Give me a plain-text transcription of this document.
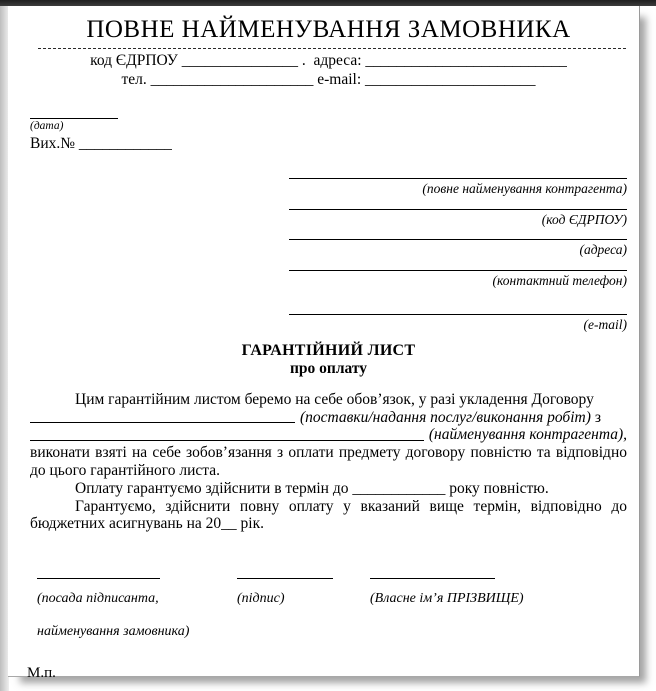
ПОВНЕ НАЙМЕНУВАННЯ ЗАМОВНИКА
код ЄДРПОУ _______________ . адреса: __________________________
тел. _____________________ e-mail: ______________________
(дата)
Вих.№ ____________
(повне найменування контрагента)
(код ЄДРПОУ)
(адреса)
(контактний телефон)
(e-mail)
ГАРАНТІЙНИЙ ЛИСТ
про оплату

Цим гарантійним листом беремо на себе обов’язок, у разі укладення Договору

(поставки/надання послуг/виконання робіт) з
(найменування контрагента),

виконати взяті на себе зобов’язання з оплати предмету договору повністю та відповідно до цього гарантійного листа.

Оплату гарантуємо здійснити в термін до ____________ року повністю.

Гарантуємо, здійснити повну оплату у вказаний вище термін, відповідно до бюджетних асигнувань на 20__ рік.

(посада підписанта,
найменування замовника)
(підпис)	(Власне ім’я ПРІЗВИЩЕ)
М.п.
